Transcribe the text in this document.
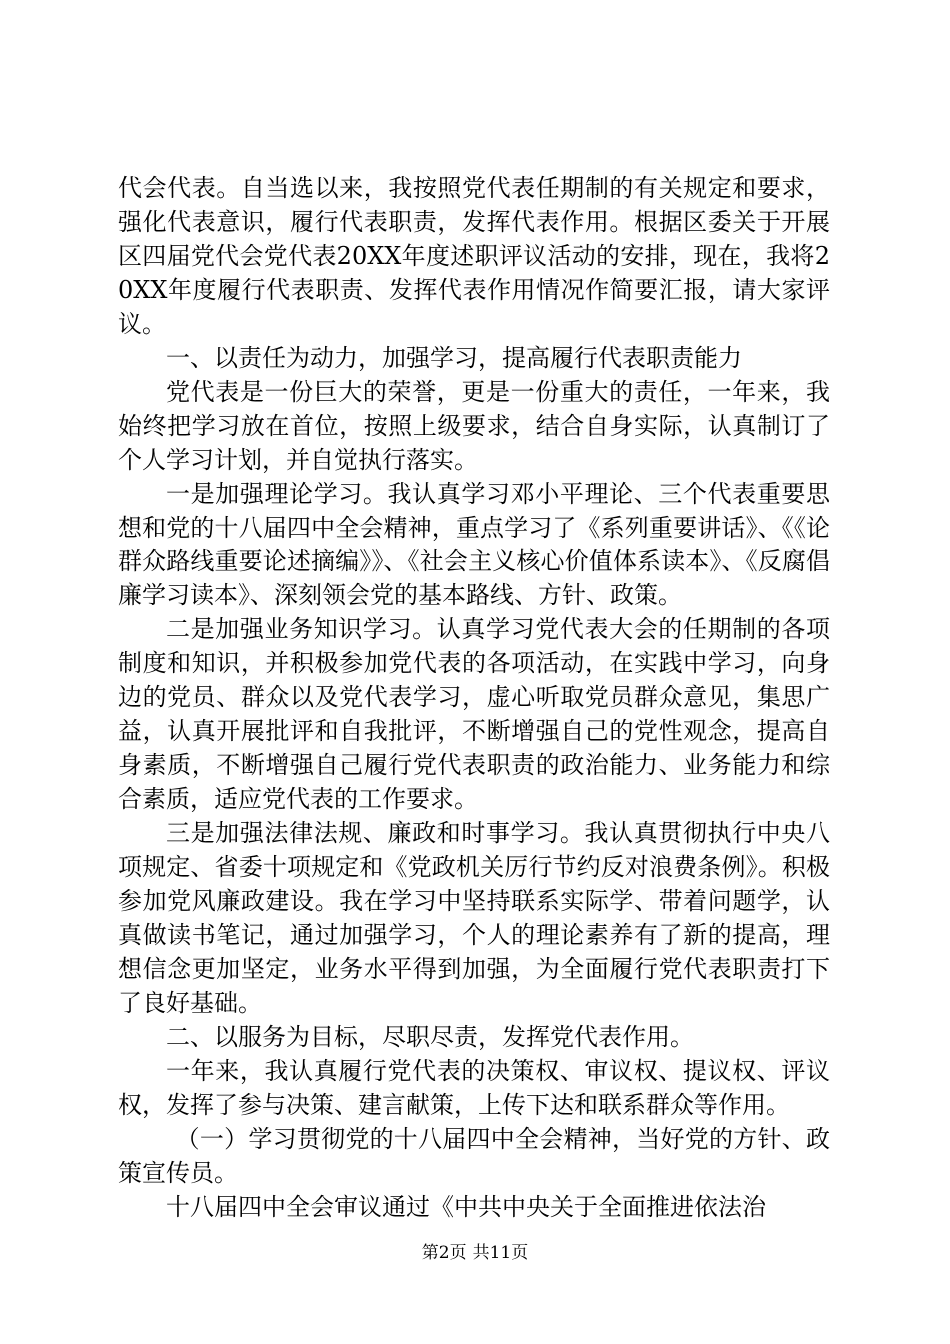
代会代表。自当选以来，我按照党代表任期制的有关规定和要求，强化代表意识，履行代表职责，发挥代表作用。根据区委关于开展区四届党代会党代表20XX年度述职评议活动的安排，现在，我将20XX年度履行代表职责、发挥代表作用情况作简要汇报，请大家评议。

一、以责任为动力，加强学习，提高履行代表职责能力

党代表是一份巨大的荣誉，更是一份重大的责任，一年来，我始终把学习放在首位，按照上级要求，结合自身实际，认真制订了个人学习计划，并自觉执行落实。

一是加强理论学习。我认真学习邓小平理论、三个代表重要思想和党的十八届四中全会精神，重点学习了《系列重要讲话》、《《论群众路线重要论述摘编》》、《社会主义核心价值体系读本》、《反腐倡廉学习读本》、深刻领会党的基本路线、方针、政策。

二是加强业务知识学习。认真学习党代表大会的任期制的各项制度和知识，并积极参加党代表的各项活动，在实践中学习，向身边的党员、群众以及党代表学习，虚心听取党员群众意见，集思广益，认真开展批评和自我批评，不断增强自己的党性观念，提高自身素质，不断增强自己履行党代表职责的政治能力、业务能力和综合素质，适应党代表的工作要求。

三是加强法律法规、廉政和时事学习。我认真贯彻执行中央八项规定、省委十项规定和《党政机关厉行节约反对浪费条例》。积极参加党风廉政建设。我在学习中坚持联系实际学、带着问题学，认真做读书笔记，通过加强学习，个人的理论素养有了新的提高，理想信念更加坚定，业务水平得到加强，为全面履行党代表职责打下了良好基础。

二、以服务为目标，尽职尽责，发挥党代表作用。

一年来，我认真履行党代表的决策权、审议权、提议权、评议权，发挥了参与决策、建言献策，上传下达和联系群众等作用。

（一）学习贯彻党的十八届四中全会精神，当好党的方针、政策宣传员。

十八届四中全会审议通过《中共中央关于全面推进依法治

第2页 共11页
